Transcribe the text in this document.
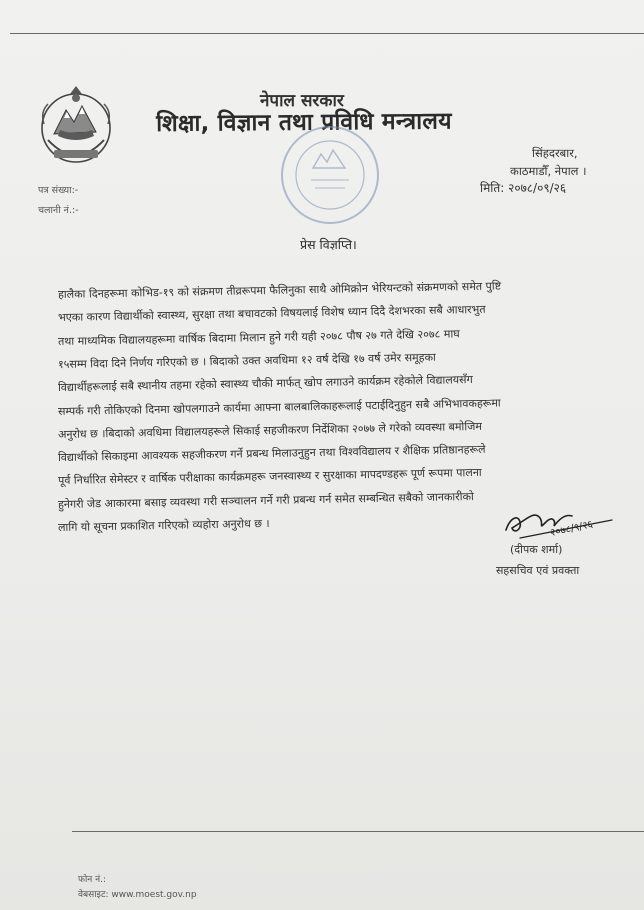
नेपाल सरकार
शिक्षा, विज्ञान तथा प्रविधि मन्त्रालय
सिंहदरबार,
काठमाडौँ, नेपाल ।
मिति: २०७८/०९/२६
पत्र संख्या:-
चलानी नं.:-
प्रेस विज्ञप्ति।
हालैका दिनहरूमा कोभिड-१९ को संक्रमण तीव्ररूपमा फैलिनुका साथै ओमिक्रोन भेरियन्टको संक्रमणको समेत पुष्टि
भएका कारण विद्यार्थीको स्वास्थ्य, सुरक्षा तथा बचावटको विषयलाई विशेष ध्यान दिदै देशभरका सबै आधारभुत
तथा माध्यमिक विद्यालयहरूमा वार्षिक बिदामा मिलान हुने गरी यही २०७८ पौष २७ गते देखि २०७८ माघ
१५सम्म विदा दिने निर्णय गरिएको छ । बिदाको उक्त अवधिमा १२ वर्ष देखि १७ वर्ष उमेर समूहका
विद्यार्थीहरूलाई सबै स्थानीय तहमा रहेको स्वास्थ्य चौकी मार्फत् खोप लगाउने कार्यक्रम रहेकोले विद्यालयसँग
सम्पर्क गरी तोकिएको दिनमा खोपलगाउने कार्यमा आफ्ना बालबालिकाहरूलाई पटाईदिनुहुन सबै अभिभावकहरूमा
अनुरोध छ ।बिदाको अवधिमा विद्यालयहरूले सिकाई सहजीकरण निर्देशिका २०७७ ले गरेको व्यवस्था बमोजिम
विद्यार्थीको सिकाइमा आवश्यक सहजीकरण गर्ने प्रबन्ध मिलाउनुहुन तथा विश्वविद्यालय र शैक्षिक प्रतिष्ठानहरूले
पूर्व निर्धारित सेमेस्टर र वार्षिक परीक्षाका कार्यक्रमहरू जनस्वास्थ्य र सुरक्षाका मापदण्डहरू पूर्ण रूपमा पालना
हुनेगरी जेड आकारमा बसाइ व्यवस्था गरी सञ्चालन गर्ने गरी प्रबन्ध गर्न समेत सम्बन्धित सबैको जानकारीको
लागि यो सूचना प्रकाशित गरिएको व्यहोरा अनुरोध छ ।	२०७८/९/२६
(दीपक शर्मा)
सहसचिव एवं प्रवक्ता
फोन नं.:
वेबसाइट: www.moest.gov.np
